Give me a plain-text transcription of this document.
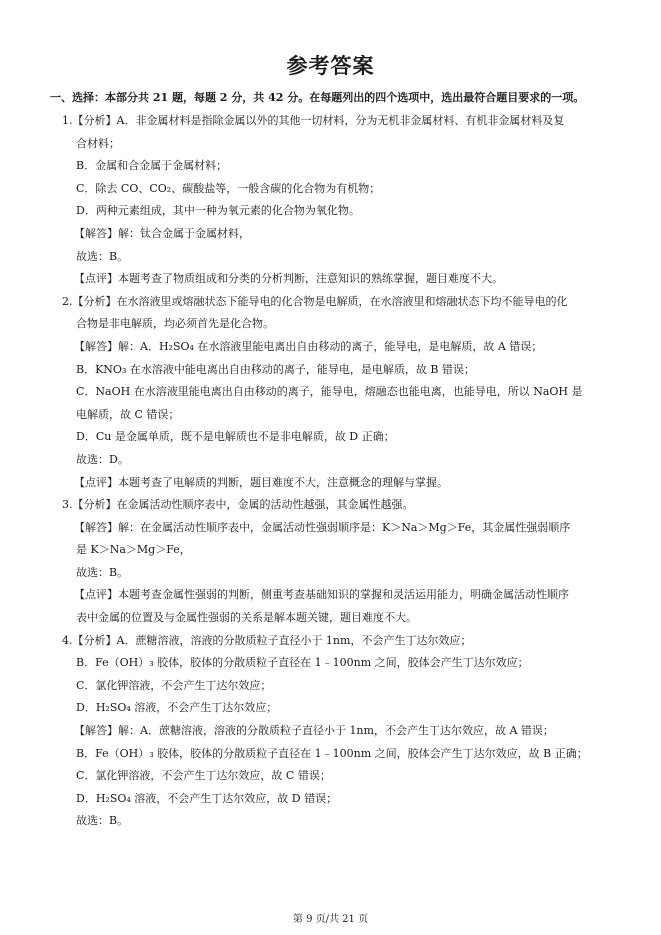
参考答案
一、选择：本部分共 21 题，每题 2 分，共 42 分。在每题列出的四个选项中，选出最符合题目要求的一项。
1.【分析】A．非金属材料是指除金属以外的其他一切材料，分为无机非金属材料、有机非金属材料及复
合材料；
B．金属和合金属于金属材料；
C．除去 CO、CO₂、碳酸盐等，一般含碳的化合物为有机物；
D．两种元素组成，其中一种为氧元素的化合物为氧化物。
【解答】解：钛合金属于金属材料，
故选：B。
【点评】本题考查了物质组成和分类的分析判断，注意知识的熟练掌握，题目难度不大。
2.【分析】在水溶液里或熔融状态下能导电的化合物是电解质，在水溶液里和熔融状态下均不能导电的化
合物是非电解质，均必须首先是化合物。
【解答】解：A．H₂SO₄ 在水溶液里能电离出自由移动的离子，能导电，是电解质，故 A 错误；
B．KNO₃ 在水溶液中能电离出自由移动的离子，能导电，是电解质，故 B 错误；
C．NaOH 在水溶液里能电离出自由移动的离子，能导电，熔融态也能电离，也能导电，所以 NaOH 是
电解质，故 C 错误；
D．Cu 是金属单质，既不是电解质也不是非电解质，故 D 正确；
故选：D。
【点评】本题考查了电解质的判断，题目难度不大，注意概念的理解与掌握。
3.【分析】在金属活动性顺序表中，金属的活动性越强，其金属性越强。
【解答】解：在金属活动性顺序表中，金属活动性强弱顺序是：K＞Na＞Mg＞Fe，其金属性强弱顺序
是 K＞Na＞Mg＞Fe，
故选：B。
【点评】本题考查金属性强弱的判断，侧重考查基础知识的掌握和灵活运用能力，明确金属活动性顺序
表中金属的位置及与金属性强弱的关系是解本题关键，题目难度不大。
4.【分析】A．蔗糖溶液，溶液的分散质粒子直径小于 1nm，不会产生丁达尔效应；
B．Fe（OH）₃ 胶体，胶体的分散质粒子直径在 1﹣100nm 之间，胶体会产生丁达尔效应；
C．氯化钾溶液，不会产生丁达尔效应；
D．H₂SO₄ 溶液，不会产生丁达尔效应；
【解答】解：A．蔗糖溶液，溶液的分散质粒子直径小于 1nm，不会产生丁达尔效应，故 A 错误；
B．Fe（OH）₃ 胶体，胶体的分散质粒子直径在 1﹣100nm 之间，胶体会产生丁达尔效应，故 B 正确；
C．氯化钾溶液，不会产生丁达尔效应，故 C 错误；
D．H₂SO₄ 溶液，不会产生丁达尔效应，故 D 错误；
故选：B。
第 9 页/共 21 页
